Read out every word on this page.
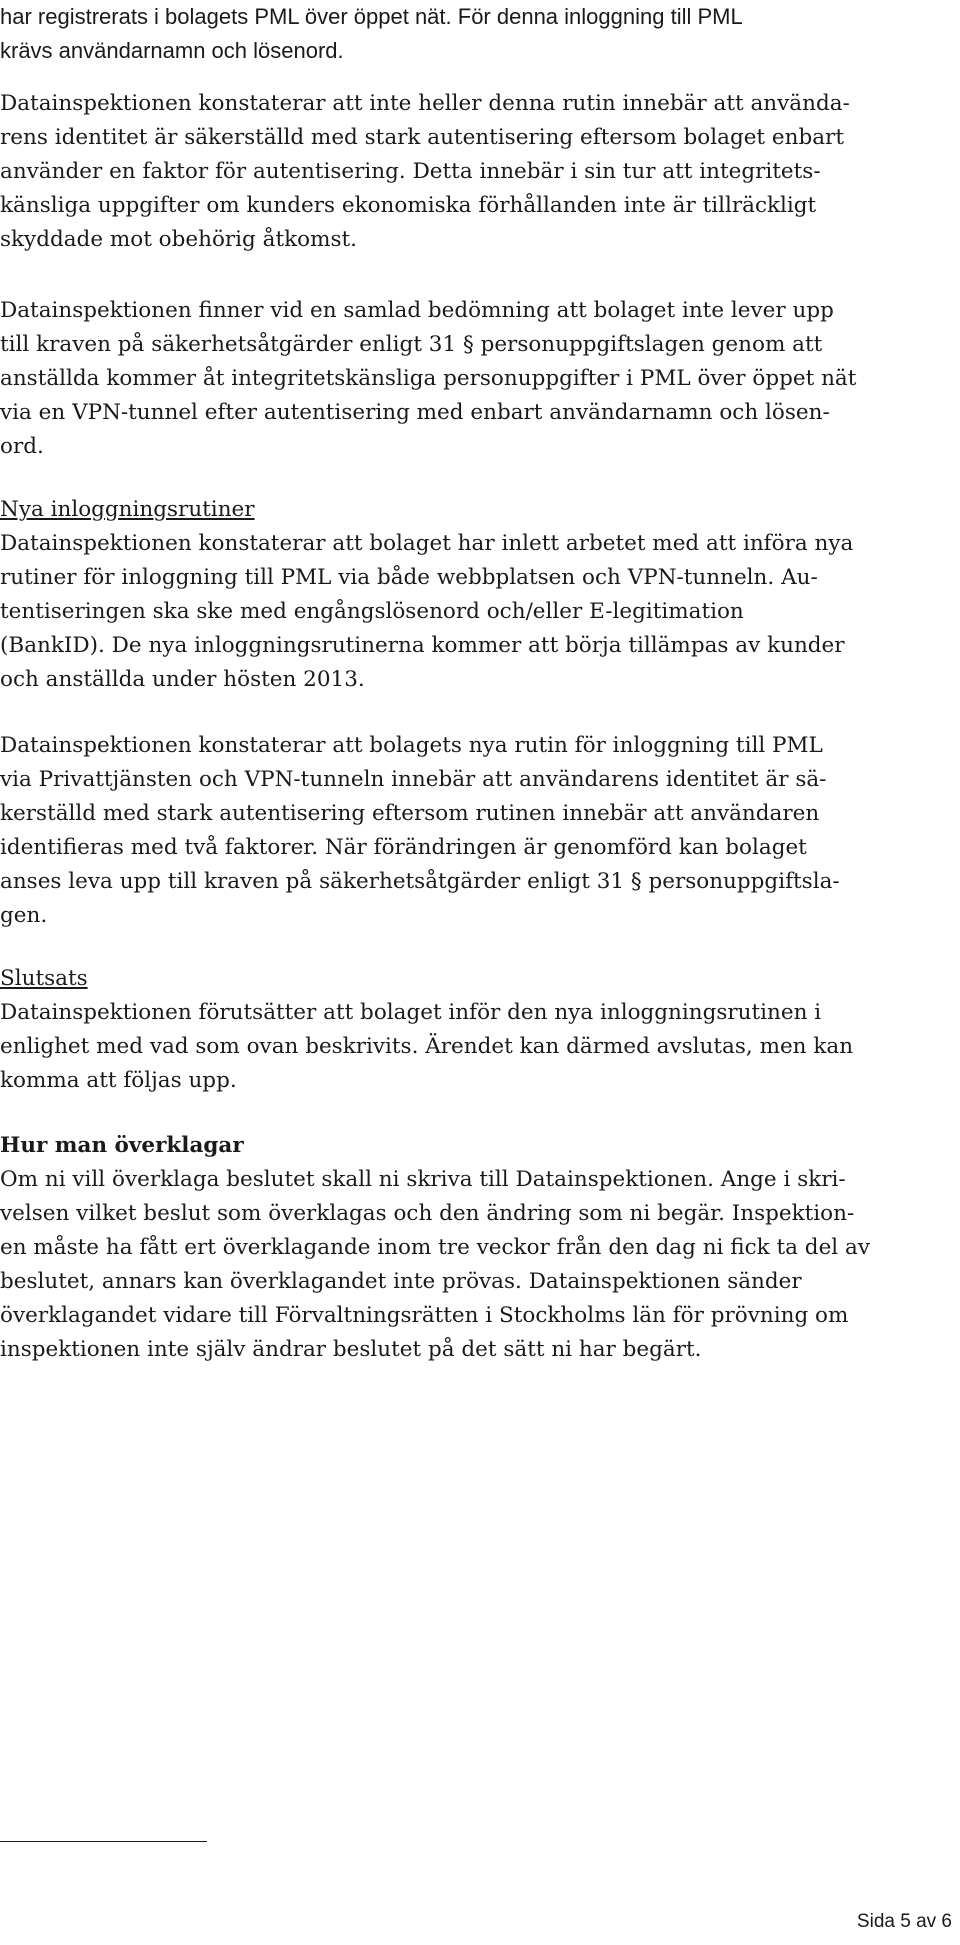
har registrerats i bolagets PML över öppet nät. För denna inloggning till PML
krävs användarnamn och lösenord.

Datainspektionen konstaterar att inte heller denna rutin innebär att använda-
rens identitet är säkerställd med stark autentisering eftersom bolaget enbart
använder en faktor för autentisering. Detta innebär i sin tur att integritets-
känsliga uppgifter om kunders ekonomiska förhållanden inte är tillräckligt
skyddade mot obehörig åtkomst.

Datainspektionen finner vid en samlad bedömning att bolaget inte lever upp
till kraven på säkerhetsåtgärder enligt 31 § personuppgiftslagen genom att
anställda kommer åt integritetskänsliga personuppgifter i PML över öppet nät
via en VPN-tunnel efter autentisering med enbart användarnamn och lösen-
ord.

Nya inloggningsrutiner
Datainspektionen konstaterar att bolaget har inlett arbetet med att införa nya
rutiner för inloggning till PML via både webbplatsen och VPN-tunneln. Au-
tentiseringen ska ske med engångslösenord och/eller E-legitimation
(BankID). De nya inloggningsrutinerna kommer att börja tillämpas av kunder
och anställda under hösten 2013.

Datainspektionen konstaterar att bolagets nya rutin för inloggning till PML
via Privattjänsten och VPN-tunneln innebär att användarens identitet är sä-
kerställd med stark autentisering eftersom rutinen innebär att användaren
identifieras med två faktorer. När förändringen är genomförd kan bolaget
anses leva upp till kraven på säkerhetsåtgärder enligt 31 § personuppgiftsla-
gen.

Slutsats
Datainspektionen förutsätter att bolaget inför den nya inloggningsrutinen i
enlighet med vad som ovan beskrivits. Ärendet kan därmed avslutas, men kan
komma att följas upp.

Hur man överklagar
Om ni vill överklaga beslutet skall ni skriva till Datainspektionen. Ange i skri-
velsen vilket beslut som överklagas och den ändring som ni begär. Inspektion-
en måste ha fått ert överklagande inom tre veckor från den dag ni fick ta del av
beslutet, annars kan överklagandet inte prövas. Datainspektionen sänder
överklagandet vidare till Förvaltningsrätten i Stockholms län för prövning om
inspektionen inte själv ändrar beslutet på det sätt ni har begärt.

Sida 5 av 6
